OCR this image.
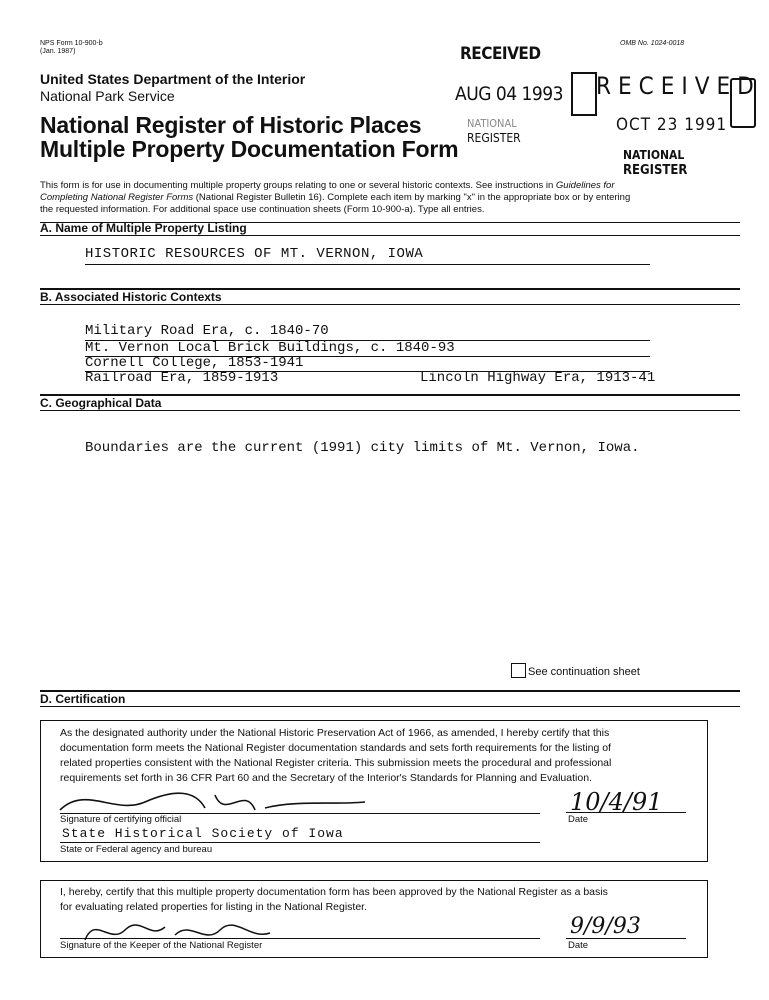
NPS Form 10-900-b
(Jan. 1987)
OMB No. 1024-0018
United States Department of the Interior
National Park Service
National Register of Historic Places
Multiple Property Documentation Form
RECEIVED
AUG 04 1993
NATIONAL
REGISTER
RECEIVED
OCT 23 1991
NATIONAL
REGISTER
This form is for use in documenting multiple property groups relating to one or several historic contexts. See instructions in Guidelines for
Completing National Register Forms (National Register Bulletin 16). Complete each item by marking "x" in the appropriate box or by entering
the requested information. For additional space use continuation sheets (Form 10-900-a). Type all entries.
A. Name of Multiple Property Listing
HISTORIC RESOURCES OF MT. VERNON, IOWA
B. Associated Historic Contexts
Military Road Era, c. 1840-70
Mt. Vernon Local Brick Buildings, c. 1840-93
Cornell College, 1853-1941
Railroad Era, 1859-1913	Lincoln Highway Era, 1913-41
C. Geographical Data
Boundaries are the current (1991) city limits of Mt. Vernon, Iowa.
See continuation sheet
D. Certification
As the designated authority under the National Historic Preservation Act of 1966, as amended, I hereby certify that this
documentation form meets the National Register documentation standards and sets forth requirements for the listing of
related properties consistent with the National Register criteria. This submission meets the procedural and professional
requirements set forth in 36 CFR Part 60 and the Secretary of the Interior's Standards for Planning and Evaluation.
Signature of certifying official
10/4/91
Date
State Historical Society of Iowa
State or Federal agency and bureau
I, hereby, certify that this multiple property documentation form has been approved by the National Register as a basis
for evaluating related properties for listing in the National Register.
Signature of the Keeper of the National Register
9/9/93
Date
